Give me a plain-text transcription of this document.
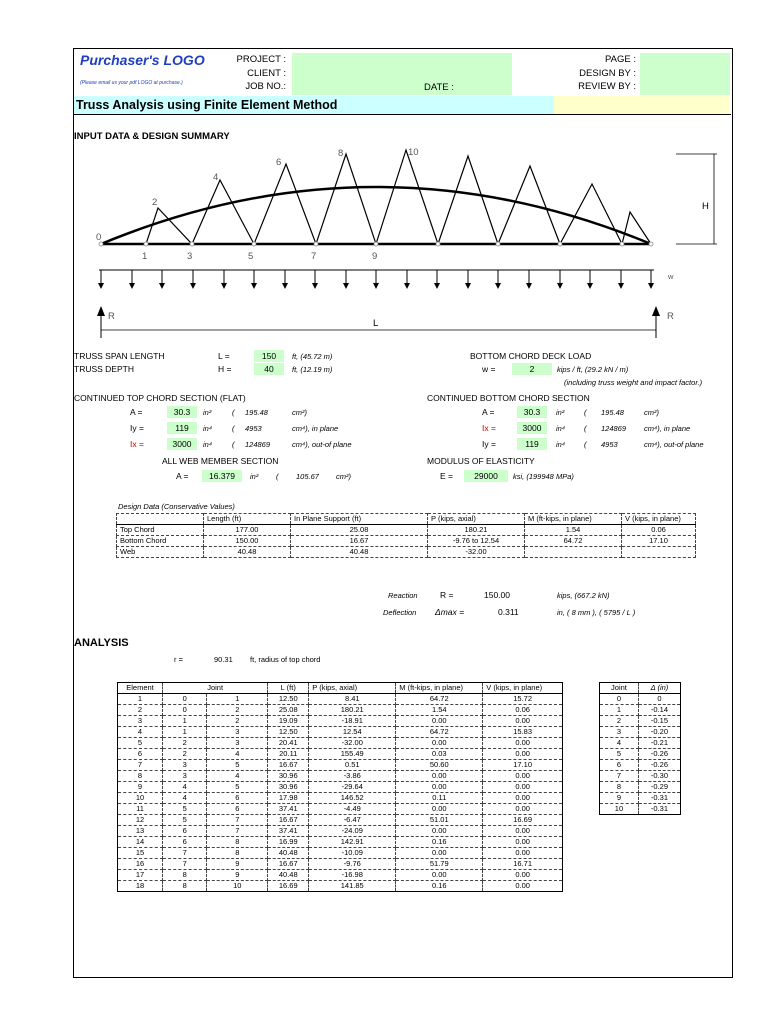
Purchaser's LOGO
(Please email us your pdf LOGO at purchase.)
PROJECT :
CLIENT :
JOB NO.:	DATE :
PAGE :
DESIGN BY :
REVIEW BY :
Truss Analysis using Finite Element Method
INPUT DATA & DESIGN SUMMARY
0
2
4
6
8	10
1	3	5	7	9
H
w
R	R
L
TRUSS SPAN LENGTH	L =	150	ft, (45.72 m)
TRUSS DEPTH	H =	40	ft, (12.19 m)
BOTTOM CHORD DECK LOAD
w =	2	kips / ft, (29.2 kN / m)
(including truss weight and impact factor.)
CONTINUED TOP CHORD SECTION (FLAT)	CONTINUED BOTTOM CHORD SECTION
A =	30.3	in²	( 195.48	cm²)
Iy =	119	in⁴	( 4953	cm⁴), in plane
Ix =	3000	in⁴	( 124869	cm⁴), out-of plane
A =	30.3	in²	( 195.48	cm²)
Ix =	3000	in⁴	( 124869 cm⁴), in plane
Iy =	119	in⁴	( 4953	cm⁴), out-of plane
ALL WEB MEMBER SECTION
A =	16.379	in² ( 105.67 cm²)
MODULUS OF ELASTICITY
E =	29000	ksi, (199948 MPa)
Design Data (Conservative Values)
	Length (ft)	In Plane Support (ft)	P (kips, axial)	M (ft-kips, in plane)	V (kips, in plane)
Top Chord	177.00	25.08	180.21	1.54	0.06
Bottom Chord	150.00	16.67	-9.76 to 12.54	64.72	17.10
Web	40.48	40.48	-32.00		
Reaction	R =	150.00	kips, (667.2 kN)
Deflection Δmax =	0.311	in, ( 8 mm ), ( 5795 / L )
ANALYSIS
r =	90.31 ft, radius of top chord
Element	Joint		L (ft)	P (kips, axial)	M (ft-kips, in plane)	V (kips, in plane)
1	0	1	12.50	8.41	64.72	15.72
2	0	2	25.08	180.21	1.54	0.06
3	1	2	19.09	-18.91	0.00	0.00
4	1	3	12.50	12.54	64.72	15.83
5	2	3	20.41	-32.00	0.00	0.00
6	2	4	20.11	155.49	0.03	0.00
7	3	5	16.67	0.51	50.60	17.10
8	3	4	30.96	-3.86	0.00	0.00
9	4	5	30.96	-29.64	0.00	0.00
10	4	6	17.98	146.52	0.11	0.00
11	5	6	37.41	-4.49	0.00	0.00
12	5	7	16.67	-6.47	51.01	16.69
13	6	7	37.41	-24.09	0.00	0.00
14	6	8	16.99	142.91	0.16	0.00
15	7	8	40.48	-10.09	0.00	0.00
16	7	9	16.67	-9.76	51.79	16.71
17	8	9	40.48	-16.98	0.00	0.00
18	8	10	16.69	141.85	0.16	0.00
Joint	Δ (in)
0	0
1	-0.14
2	-0.15
3	-0.20
4	-0.21
5	-0.26
6	-0.26
7	-0.30
8	-0.29
9	-0.31
10	-0.31
